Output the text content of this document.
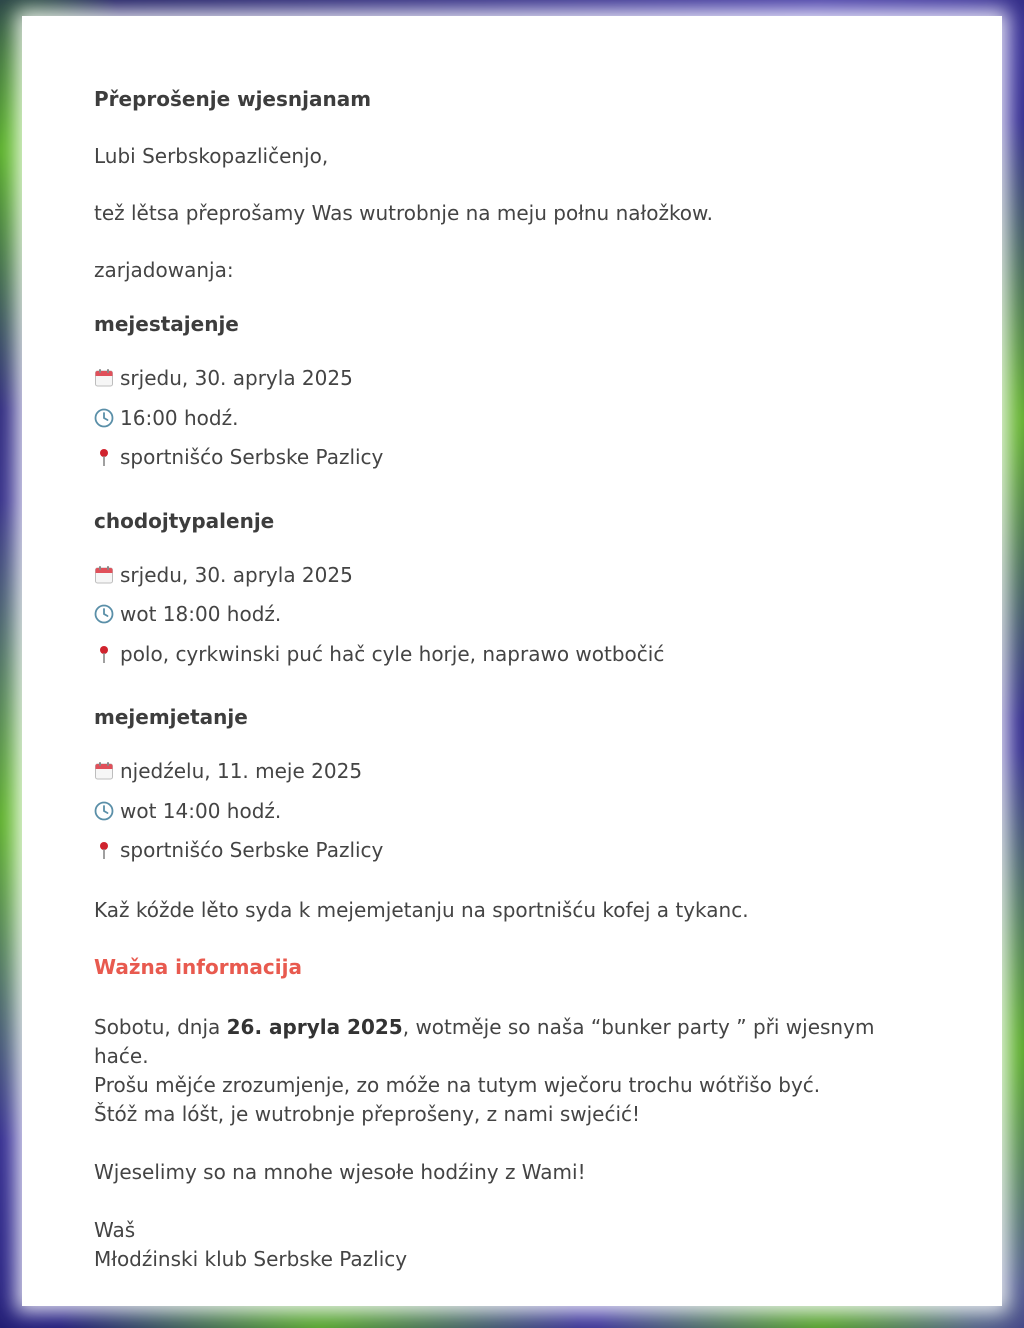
Přeprošenje wjesnjanam
Lubi Serbskopazličenjo,
tež lětsa přeprošamy Was wutrobnje na meju połnu nałožkow.
zarjadowanja:
mejestajenje
srjedu, 30. apryla 2025
16:00 hodź.
sportnišćo Serbske Pazlicy
chodojtypalenje
srjedu, 30. apryla 2025
wot 18:00 hodź.
polo, cyrkwinski puć hač cyle horje, naprawo wotbočić
mejemjetanje
njedźelu, 11. meje 2025
wot 14:00 hodź.
sportnišćo Serbske Pazlicy
Kaž kóžde lěto syda k mejemjetanju na sportnišću kofej a tykanc.
Wažna informacija
Sobotu, dnja 26. apryla 2025, wotměje so naša “bunker party ” při wjesnym haće.
Prošu mějće zrozumjenje, zo móže na tutym wječoru trochu wótřišo być.
Štóž ma lóšt, je wutrobnje přeprošeny, z nami swjećić!
Wjeselimy so na mnohe wjesołe hodźiny z Wami!
Waš
Młodźinski klub Serbske Pazlicy
